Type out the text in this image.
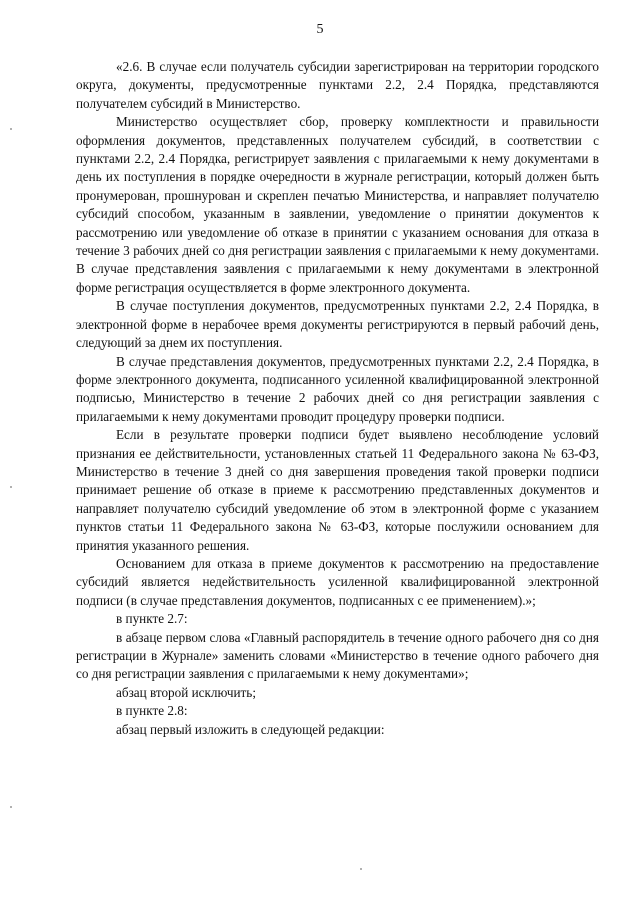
5

«2.6. В случае если получатель субсидии зарегистрирован на территории городского округа, документы, предусмотренные пунктами 2.2, 2.4 Порядка, представляются получателем субсидий в Министерство.

Министерство осуществляет сбор, проверку комплектности и правильности оформления документов, представленных получателем субсидий, в соответствии с пунктами 2.2, 2.4 Порядка, регистрирует заявления с прилагаемыми к нему документами в день их поступления в порядке очередности в журнале регистрации, который должен быть пронумерован, прошнурован и скреплен печатью Министерства, и направляет получателю субсидий способом, указанным в заявлении, уведомление о принятии документов к рассмотрению или уведомление об отказе в принятии с указанием основания для отказа в течение 3 рабочих дней со дня регистрации заявления с прилагаемыми к нему документами. В случае представления заявления с прилагаемыми к нему документами в электронной форме регистрация осуществляется в форме электронного документа.

В случае поступления документов, предусмотренных пунктами 2.2, 2.4 Порядка, в электронной форме в нерабочее время документы регистрируются в первый рабочий день, следующий за днем их поступления.

В случае представления документов, предусмотренных пунктами 2.2, 2.4 Порядка, в форме электронного документа, подписанного усиленной квалифицированной электронной подписью, Министерство в течение 2 рабочих дней со дня регистрации заявления с прилагаемыми к нему документами проводит процедуру проверки подписи.

Если в результате проверки подписи будет выявлено несоблюдение условий признания ее действительности, установленных статьей 11 Федерального закона № 63-ФЗ, Министерство в течение 3 дней со дня завершения проведения такой проверки подписи принимает решение об отказе в приеме к рассмотрению представленных документов и направляет получателю субсидий уведомление об этом в электронной форме с указанием пунктов статьи 11 Федерального закона № 63-ФЗ, которые послужили основанием для принятия указанного решения.

Основанием для отказа в приеме документов к рассмотрению на предоставление субсидий является недействительность усиленной квалифицированной электронной подписи (в случае представления документов, подписанных с ее применением).»;

в пункте 2.7:

в абзаце первом слова «Главный распорядитель в течение одного рабочего дня со дня регистрации в Журнале» заменить словами «Министерство в течение одного рабочего дня со дня регистрации заявления с прилагаемыми к нему документами»;

абзац второй исключить;

в пункте 2.8:

абзац первый изложить в следующей редакции:
